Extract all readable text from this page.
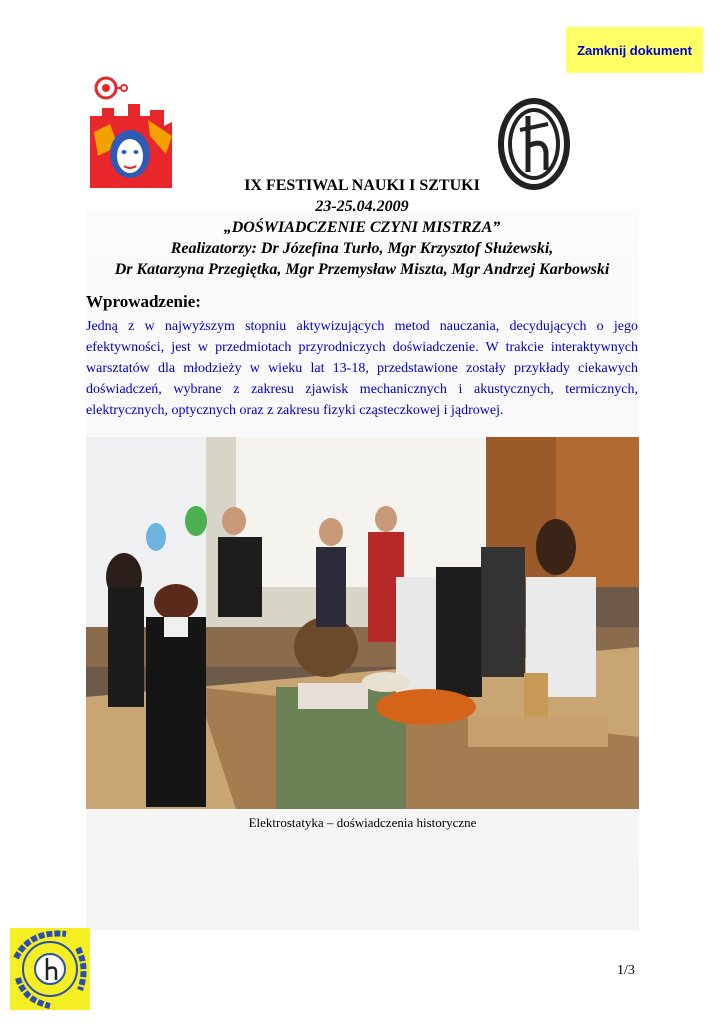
Zamknij dokument
IX FESTIWAL NAUKI I SZTUKI
23-25.04.2009
„DOŚWIADCZENIE CZYNI MISTRZA”
Realizatorzy: Dr Józefina Turło, Mgr Krzysztof Służewski,
Dr Katarzyna Przegiętka, Mgr Przemysław Miszta, Mgr Andrzej Karbowski
Wprowadzenie:
Jedną z w najwyższym stopniu aktywizujących metod nauczania, decydujących o jego efektywności, jest w przedmiotach przyrodniczych doświadczenie. W trakcie interaktywnych warsztatów dla młodzieży w wieku lat 13-18, przedstawione zostały przykłady ciekawych doświadczeń, wybrane z zakresu zjawisk mechanicznych i akustycznych, termicznych, elektrycznych, optycznych oraz z zakresu fizyki cząsteczkowej i jądrowej.
Elektrostatyka – doświadczenia historyczne
1/3
